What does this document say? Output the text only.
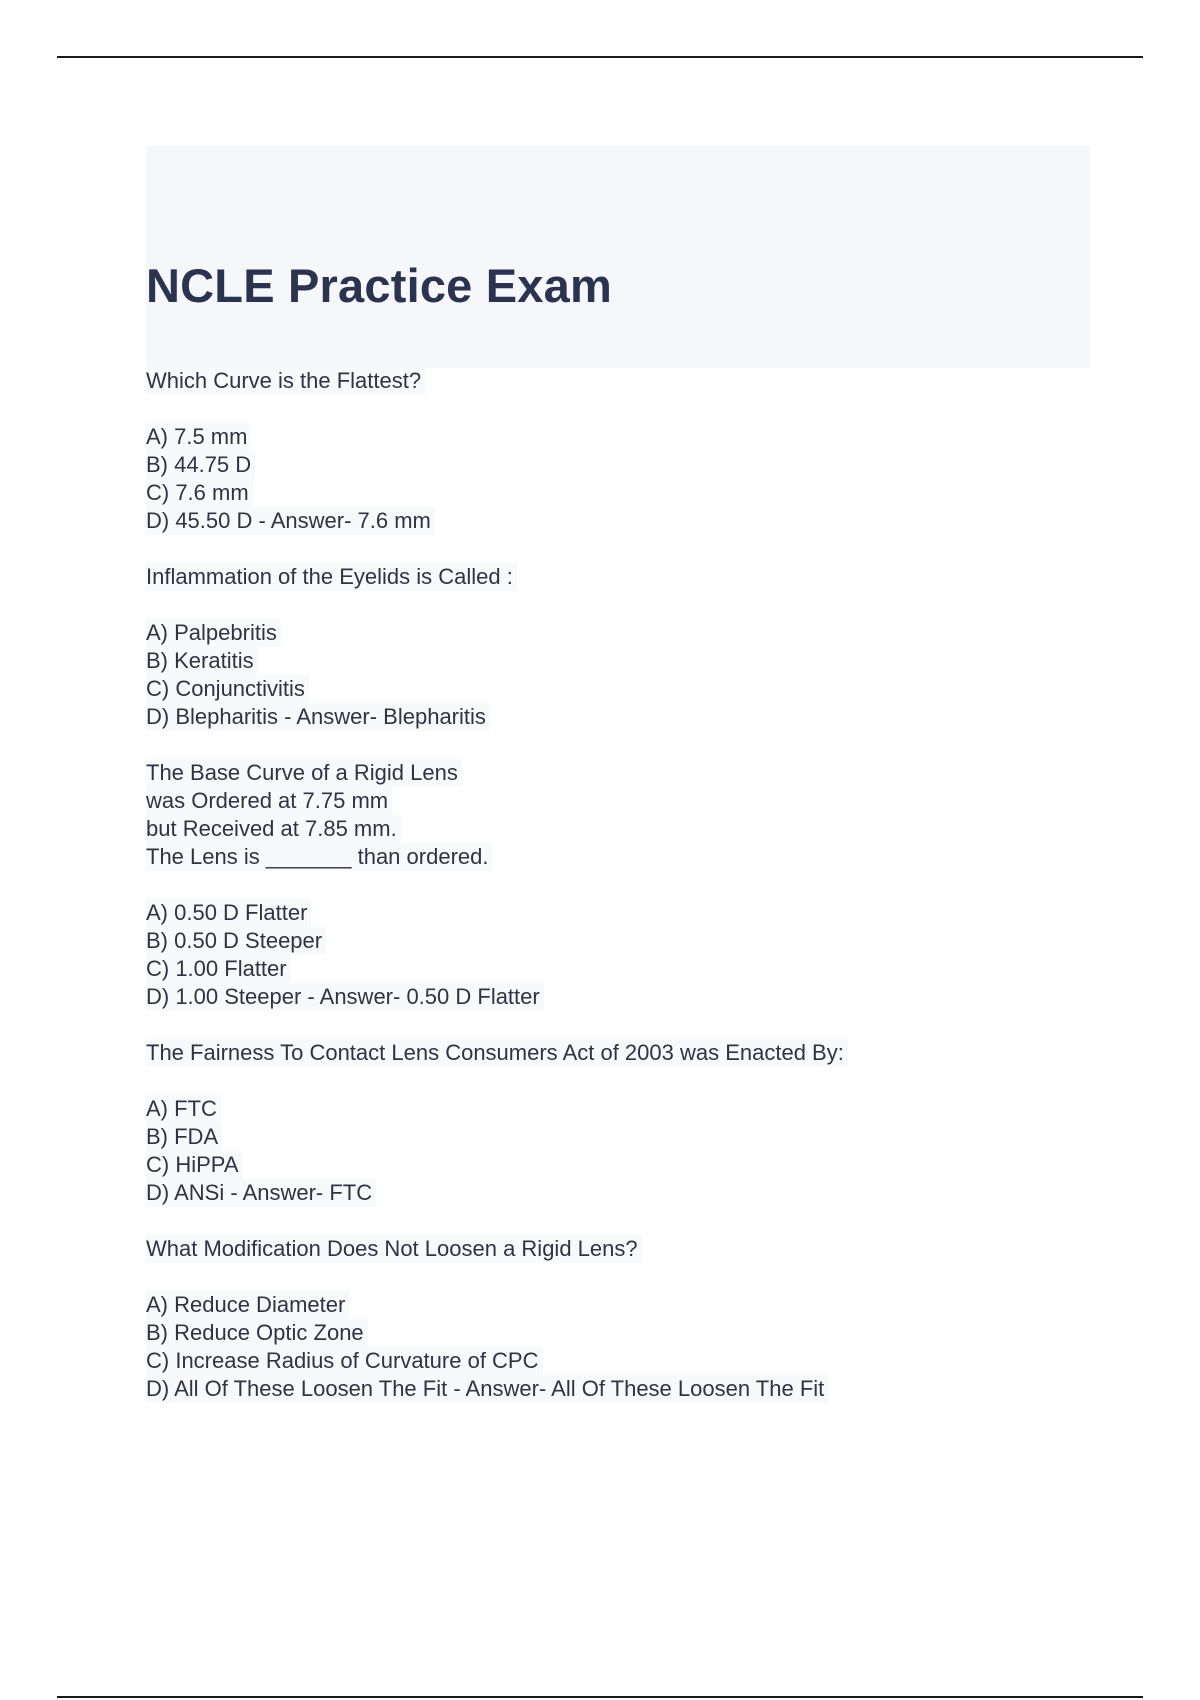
NCLE Practice Exam
Which Curve is the Flattest?
A) 7.5 mm
B) 44.75 D
C) 7.6 mm
D) 45.50 D - Answer- 7.6 mm
Inflammation of the Eyelids is Called :
A) Palpebritis
B) Keratitis
C) Conjunctivitis
D) Blepharitis - Answer- Blepharitis
The Base Curve of a Rigid Lens
was Ordered at 7.75 mm
but Received at 7.85 mm.
The Lens is _______ than ordered.
A) 0.50 D Flatter
B) 0.50 D Steeper
C) 1.00 Flatter
D) 1.00 Steeper - Answer- 0.50 D Flatter
The Fairness To Contact Lens Consumers Act of 2003 was Enacted By:
A) FTC
B) FDA
C) HiPPA
D) ANSi - Answer- FTC
What Modification Does Not Loosen a Rigid Lens?
A) Reduce Diameter
B) Reduce Optic Zone
C) Increase Radius of Curvature of CPC
D) All Of These Loosen The Fit - Answer- All Of These Loosen The Fit
